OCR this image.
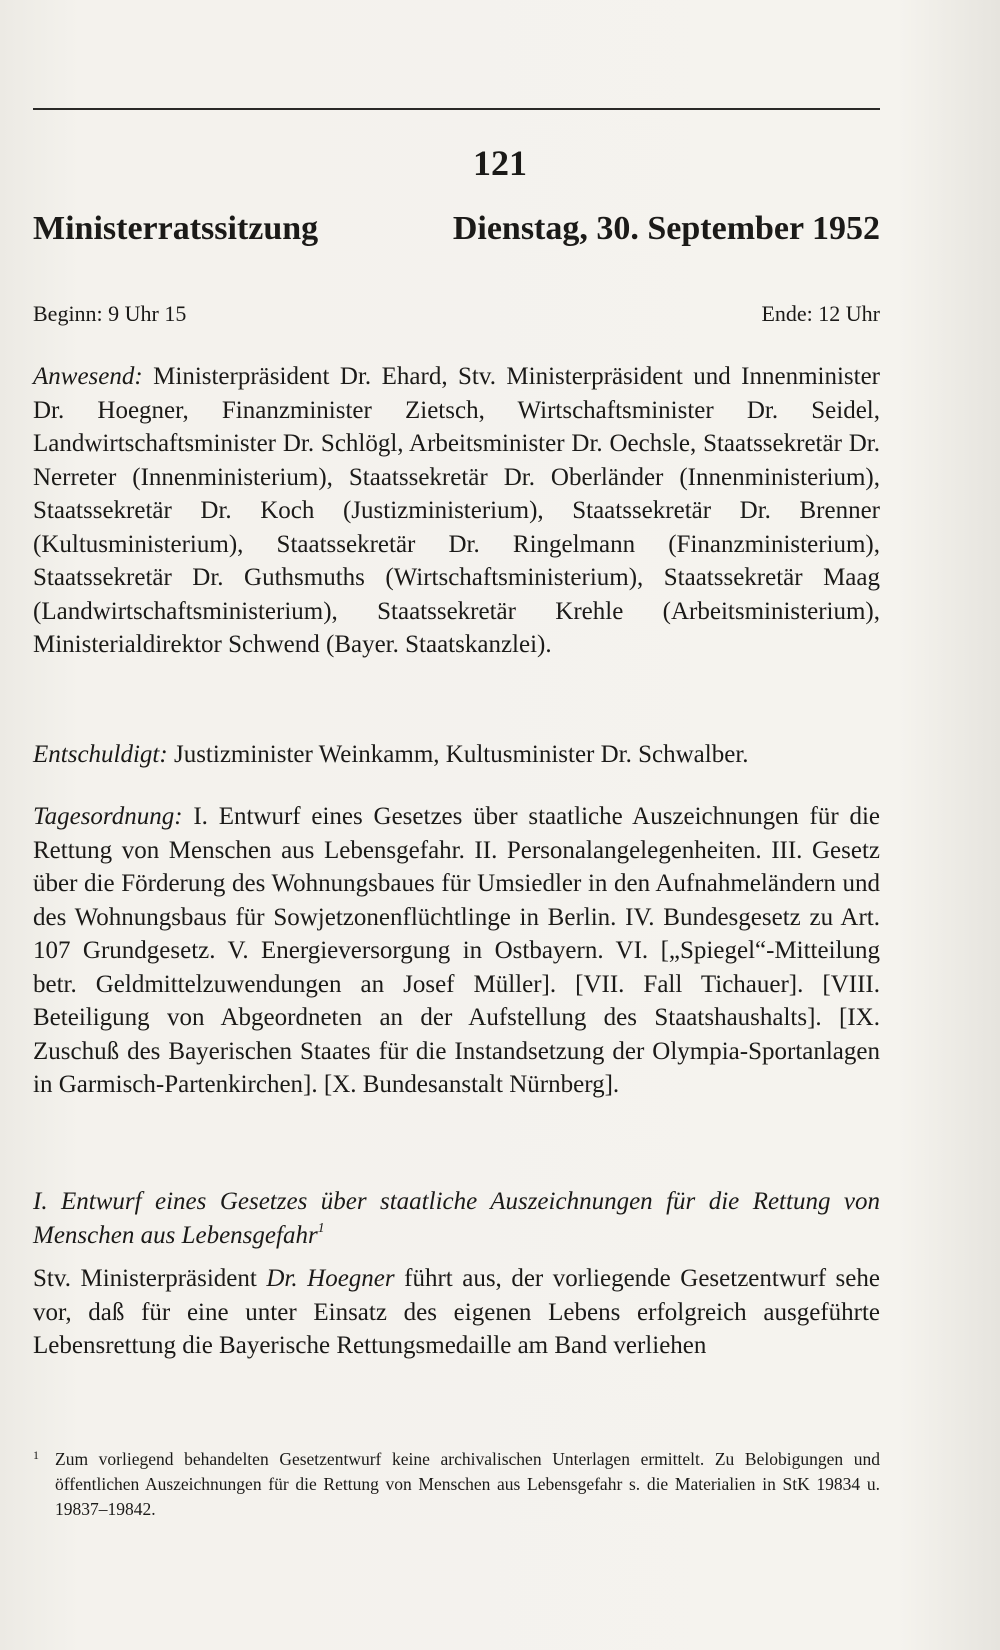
121
Ministerratssitzung	Dienstag, 30. September 1952
Beginn: 9 Uhr 15	Ende: 12 Uhr
Anwesend: Ministerpräsident Dr. Ehard, Stv. Ministerpräsident und Innenminister Dr. Hoegner, Finanzminister Zietsch, Wirtschaftsminister Dr. Seidel, Landwirtschaftsminister Dr. Schlögl, Arbeitsminister Dr. Oechsle, Staatssekretär Dr. Nerreter (Innenministerium), Staatssekretär Dr. Oberländer (Innenministerium), Staatssekretär Dr. Koch (Justizministerium), Staatssekretär Dr. Brenner (Kultusministerium), Staatssekretär Dr. Ringelmann (Finanzministerium), Staatssekretär Dr. Guthsmuths (Wirtschaftsministerium), Staatssekretär Maag (Landwirtschaftsministerium), Staatssekretär Krehle (Arbeitsministerium), Ministerialdirektor Schwend (Bayer. Staatskanzlei).
Entschuldigt: Justizminister Weinkamm, Kultusminister Dr. Schwalber.
Tagesordnung: I. Entwurf eines Gesetzes über staatliche Auszeichnungen für die Rettung von Menschen aus Lebensgefahr. II. Personalangelegenheiten. III. Gesetz über die Förderung des Wohnungsbaues für Umsiedler in den Aufnahmeländern und des Wohnungsbaus für Sowjetzonenflüchtlinge in Berlin. IV. Bundesgesetz zu Art. 107 Grundgesetz. V. Energieversorgung in Ostbayern. VI. [„Spiegel“-Mitteilung betr. Geldmittelzuwendungen an Josef Müller]. [VII. Fall Tichauer]. [VIII. Beteiligung von Abgeordneten an der Aufstellung des Staatshaushalts]. [IX. Zuschuß des Bayerischen Staates für die Instandsetzung der Olympia-Sportanlagen in Garmisch-Partenkirchen]. [X. Bundesanstalt Nürnberg].
I. Entwurf eines Gesetzes über staatliche Auszeichnungen für die Rettung von Menschen aus Lebensgefahr$^1$
Stv. Ministerpräsident Dr. Hoegner führt aus, der vorliegende Gesetzentwurf sehe vor, daß für eine unter Einsatz des eigenen Lebens erfolgreich ausgeführte Lebensrettung die Bayerische Rettungsmedaille am Band verliehen
1 Zum vorliegend behandelten Gesetzentwurf keine archivalischen Unterlagen ermittelt. Zu Belobigungen und öffentlichen Auszeichnungen für die Rettung von Menschen aus Lebensgefahr s. die Materialien in StK 19834 u. 19837–19842.
